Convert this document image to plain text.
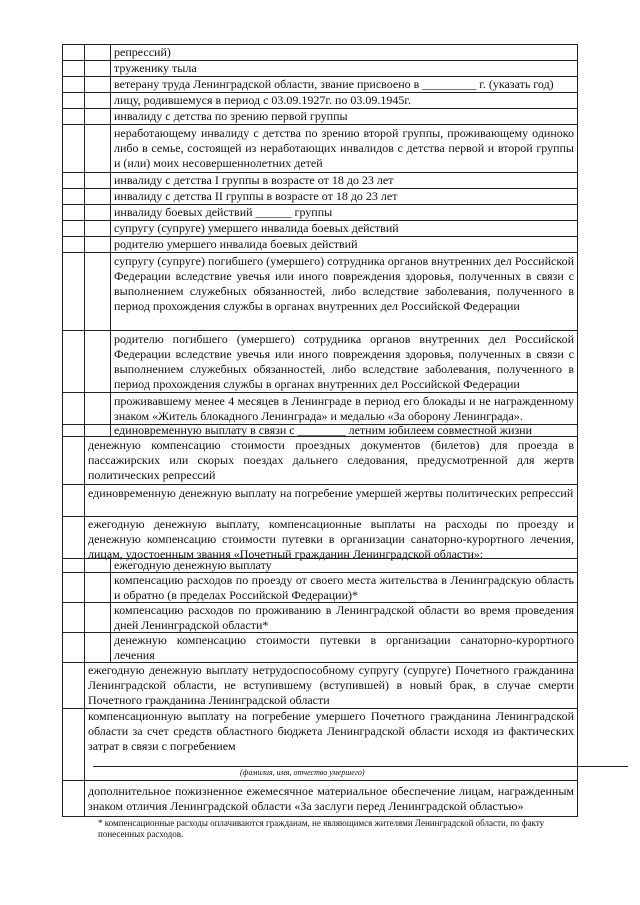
репрессий)
труженику тыла
ветерану труда Ленинградской области, звание присвоено в _________ г. (указать год)
лицу, родившемуся в период с 03.09.1927г. по 03.09.1945г.
инвалиду с детства по зрению первой группы
неработающему инвалиду с детства по зрению второй группы, проживающему одиноко либо в семье, состоящей из неработающих инвалидов с детства первой и второй группы и (или) моих несовершеннолетних детей
инвалиду с детства I группы в возрасте от 18 до 23 лет
инвалиду с детства II группы в возрасте от 18 до 23 лет
инвалиду боевых действий ______ группы
супругу (супруге) умершего инвалида боевых действий
родителю умершего инвалида боевых действий
супругу (супруге) погибшего (умершего) сотрудника органов внутренних дел Российской Федерации вследствие увечья или иного повреждения здоровья, полученных в связи с выполнением служебных обязанностей, либо вследствие заболевания, полученного в период прохождения службы в органах внутренних дел Российской Федерации
родителю погибшего (умершего) сотрудника органов внутренних дел Российской Федерации вследствие увечья или иного повреждения здоровья, полученных в связи с выполнением служебных обязанностей, либо вследствие заболевания, полученного в период прохождения службы в органах внутренних дел Российской Федерации
проживавшему менее 4 месяцев в Ленинграде в период его блокады и не награжденному знаком «Житель блокадного Ленинграда» и медалью «За оборону Ленинграда».
единовременную выплату в связи с ________ летним юбилеем совместной жизни
денежную компенсацию стоимости проездных документов (билетов) для проезда в пассажирских или скорых поездах дальнего следования, предусмотренной для жертв политических репрессий
единовременную денежную выплату на погребение умершей жертвы политических репрессий
ежегодную денежную выплату, компенсационные выплаты на расходы по проезду и денежную компенсацию стоимости путевки в организации санаторно-курортного лечения, лицам, удостоенным звания «Почетный гражданин Ленинградской области»:
ежегодную денежную выплату
компенсацию расходов по проезду от своего места жительства в Ленинградскую область и обратно (в пределах Российской Федерации)*
компенсацию расходов по проживанию в Ленинградской области во время проведения дней Ленинградской области*
денежную компенсацию стоимости путевки в организации санаторно-курортного лечения
ежегодную денежную выплату нетрудоспособному супругу (супруге) Почетного гражданина Ленинградской области, не вступившему (вступившей) в новый брак, в случае смерти Почетного гражданина Ленинградской области
компенсационную выплату на погребение умершего Почетного гражданина Ленинградской области за счет средств областного бюджета Ленинградской области исходя из фактических затрат в связи с погребением
(фамилия, имя, отчество умершего)
дополнительное пожизненное ежемесячное материальное обеспечение лицам, награжденным знаком отличия Ленинградской области «За заслуги перед Ленинградской областью»
* компенсационные расходы оплачиваются гражданам, не являющимся жителями Ленинградской области, по факту понесенных расходов.
